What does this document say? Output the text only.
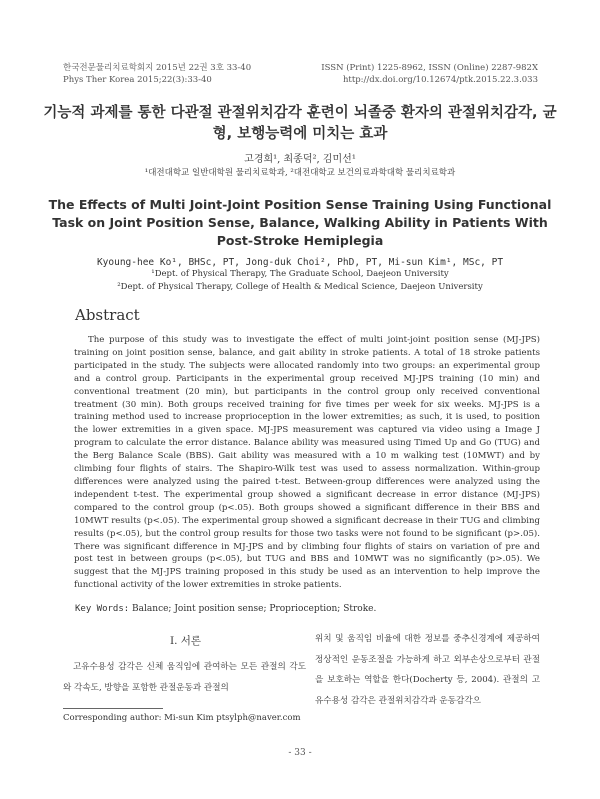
한국전문물리치료학회지 2015년 22권 3호 33-40
Phys Ther Korea 2015;22(3):33-40
ISSN (Print) 1225-8962, ISSN (Online) 2287-982X
http://dx.doi.org/10.12674/ptk.2015.22.3.033
기능적 과제를 통한 다관절 관절위치감각 훈련이 뇌졸중 환자의 관절위치감각, 균형, 보행능력에 미치는 효과
고경희¹, 최종덕², 김미선¹
¹대전대학교 일반대학원 물리치료학과, ²대전대학교 보건의료과학대학 물리치료학과
The Effects of Multi Joint-Joint Position Sense Training Using Functional Task on Joint Position Sense, Balance, Walking Ability in Patients With Post-Stroke Hemiplegia
Kyoung-hee Ko¹, BHSc, PT, Jong-duk Choi², PhD, PT, Mi-sun Kim¹, MSc, PT
¹Dept. of Physical Therapy, The Graduate School, Daejeon University
²Dept. of Physical Therapy, College of Health & Medical Science, Daejeon University
Abstract

The purpose of this study was to investigate the effect of multi joint-joint position sense (MJ-JPS) training on joint position sense, balance, and gait ability in stroke patients. A total of 18 stroke patients participated in the study. The subjects were allocated randomly into two groups: an experimental group and a control group. Participants in the experimental group received MJ-JPS training (10 min) and conventional treatment (20 min), but participants in the control group only received conventional treatment (30 min). Both groups received training for five times per week for six weeks. MJ-JPS is a training method used to increase proprioception in the lower extremities; as such, it is used, to position the lower extremities in a given space. MJ-JPS measurement was captured via video using a Image J program to calculate the error distance. Balance ability was measured using Timed Up and Go (TUG) and the Berg Balance Scale (BBS). Gait ability was measured with a 10 m walking test (10MWT) and by climbing four flights of stairs. The Shapiro-Wilk test was used to assess normalization. Within-group differences were analyzed using the paired t-test. Between-group differences were analyzed using the independent t-test. The experimental group showed a significant decrease in error distance (MJ-JPS) compared to the control group (p<.05). Both groups showed a significant difference in their BBS and 10MWT results (p<.05). The experimental group showed a significant decrease in their TUG and climbing results (p<.05), but the control group results for those two tasks were not found to be significant (p>.05). There was significant difference in MJ-JPS and by climbing four flights of stairs on variation of pre and post test in between groups (p<.05), but TUG and BBS and 10MWT was no significantly (p>.05). We suggest that the MJ-JPS training proposed in this study be used as an intervention to help improve the functional activity of the lower extremities in stroke patients.

Key Words: Balance; Joint position sense; Proprioception; Stroke.
Ⅰ. 서론

고유수용성 감각은 신체 움직임에 관여하는 모든 관절의 각도와 각속도, 방향을 포함한 관절운동과 관절의

위치 및 움직임 비율에 대한 정보를 중추신경계에 제공하여 정상적인 운동조절을 가능하게 하고 외부손상으로부터 관절을 보호하는 역할을 한다(Docherty 등, 2004). 관절의 고유수용성 감각은 관절위치감각과 운동감각으

Corresponding author: Mi-sun Kim ptsylph@naver.com
- 33 -
